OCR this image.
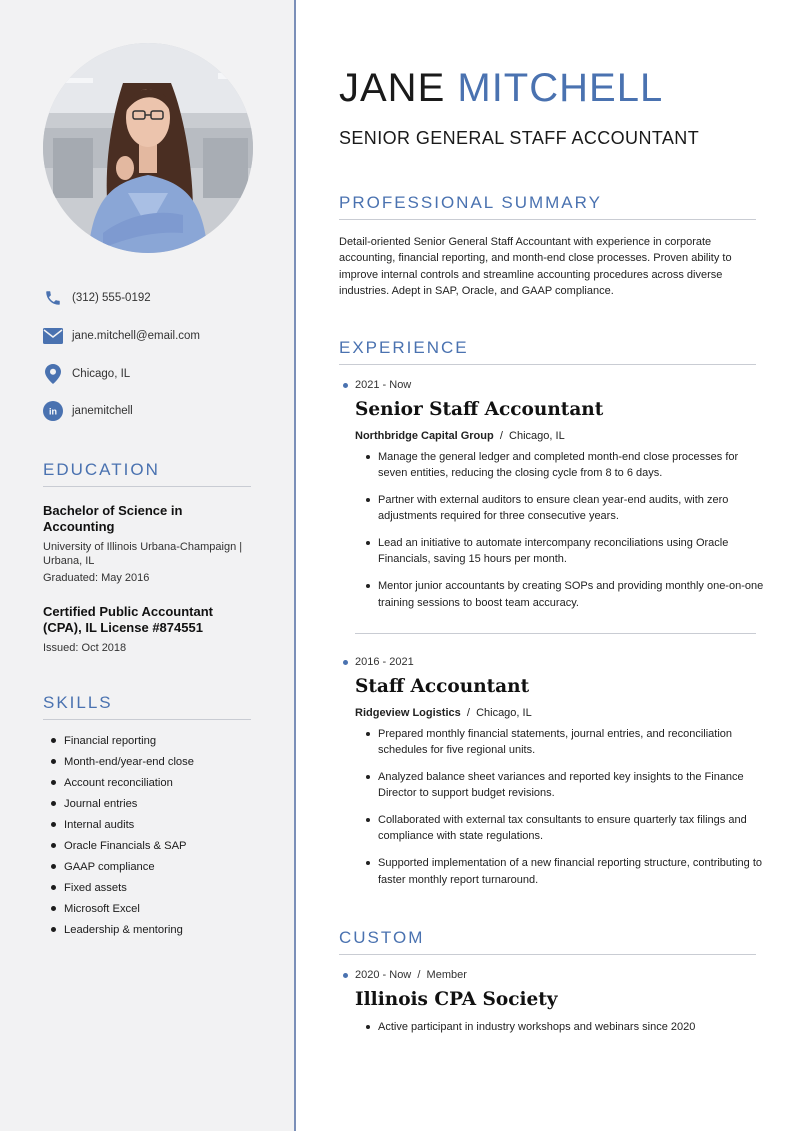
(312) 555-0192
jane.mitchell@email.com
Chicago, IL
in janemitchell
EDUCATION
Bachelor of Science in Accounting
University of Illinois Urbana-Champaign | Urbana, IL
Graduated: May 2016
Certified Public Accountant (CPA), IL License #874551
Issued: Oct 2018
SKILLS
Financial reporting
Month-end/year-end close
Account reconciliation
Journal entries
Internal audits
Oracle Financials & SAP
GAAP compliance
Fixed assets
Microsoft Excel
Leadership & mentoring
JANE MITCHELL
SENIOR GENERAL STAFF ACCOUNTANT
PROFESSIONAL SUMMARY
Detail-oriented Senior General Staff Accountant with experience in corporate accounting, financial reporting, and month-end close processes. Proven ability to improve internal controls and streamline accounting procedures across diverse industries. Adept in SAP, Oracle, and GAAP compliance.
EXPERIENCE
2021 - Now
Senior Staff Accountant
Northbridge Capital Group / Chicago, IL
Manage the general ledger and completed month-end close processes for seven entities, reducing the closing cycle from 8 to 6 days.
Partner with external auditors to ensure clean year-end audits, with zero adjustments required for three consecutive years.
Lead an initiative to automate intercompany reconciliations using Oracle Financials, saving 15 hours per month.
Mentor junior accountants by creating SOPs and providing monthly one-on-one training sessions to boost team accuracy.
2016 - 2021
Staff Accountant
Ridgeview Logistics / Chicago, IL
Prepared monthly financial statements, journal entries, and reconciliation schedules for five regional units.
Analyzed balance sheet variances and reported key insights to the Finance Director to support budget revisions.
Collaborated with external tax consultants to ensure quarterly tax filings and compliance with state regulations.
Supported implementation of a new financial reporting structure, contributing to faster monthly report turnaround.
CUSTOM
2020 - Now  /  Member
Illinois CPA Society
Active participant in industry workshops and webinars since 2020
